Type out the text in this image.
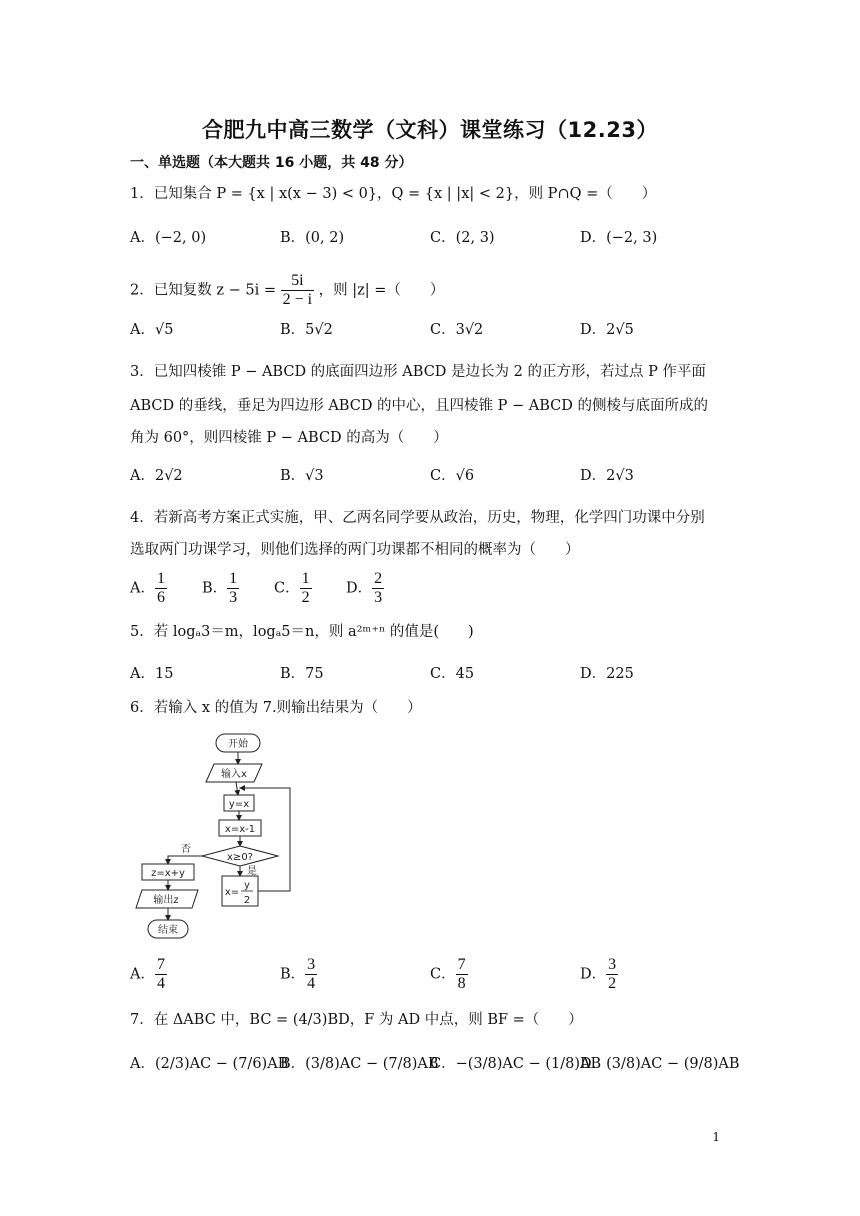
合肥九中高三数学（文科）课堂练习（12.23）
一、单选题（本大题共 16 小题，共 48 分）
1．已知集合 P = {x | x(x − 3) < 0}，Q = {x | |x| < 2}，则 P∩Q =（　　）
A．(−2, 0)	B．(0, 2)	C．(2, 3)	D．(−2, 3)
2．已知复数 $z - 5i = \frac{5i}{2 - i}$ ，则 |z| =（　　）
A．√5	B．5√2	C．3√2	D．2√5
3．已知四棱锥 P − ABCD 的底面四边形 ABCD 是边长为 2 的正方形，若过点 P 作平面
ABCD 的垂线，垂足为四边形 ABCD 的中心，且四棱锥 P − ABCD 的侧棱与底面所成的
角为 60°，则四棱锥 P − ABCD 的高为（　　）
A．2√2	B．√3	C．√6	D．2√3
4．若新高考方案正式实施，甲、乙两名同学要从政治，历史，物理，化学四门功课中分别
选取两门功课学习，则他们选择的两门功课都不相同的概率为（　　）
A． $\frac{1}{6}$ B． $\frac{1}{3}$ C． $\frac{1}{2}$ D． $\frac{2}{3}$
5．若 logₐ3＝m，logₐ5＝n，则 a²ᵐ⁺ⁿ 的值是(　　)
A．15	B．75	C．45	D．225
6．若输入 x 的值为 7.则输出结果为（　　）
开始
输入x
y=x
x=x-1
x≥0?
否
是
z=x+y
输出z
结束
x=
y
2
A． $\frac{7}{4}$	B． $\frac{3}{4}$	C． $\frac{7}{8}$	D． $\frac{3}{2}$
7．在 ΔABC 中，BC = (4/3)BD，F 为 AD 中点，则 BF =（　　）
A．(2/3)AC − (7/6)AB
B．(3/8)AC − (7/8)AB
C．−(3/8)AC − (1/8)AB
D．(3/8)AC − (9/8)AB
1
